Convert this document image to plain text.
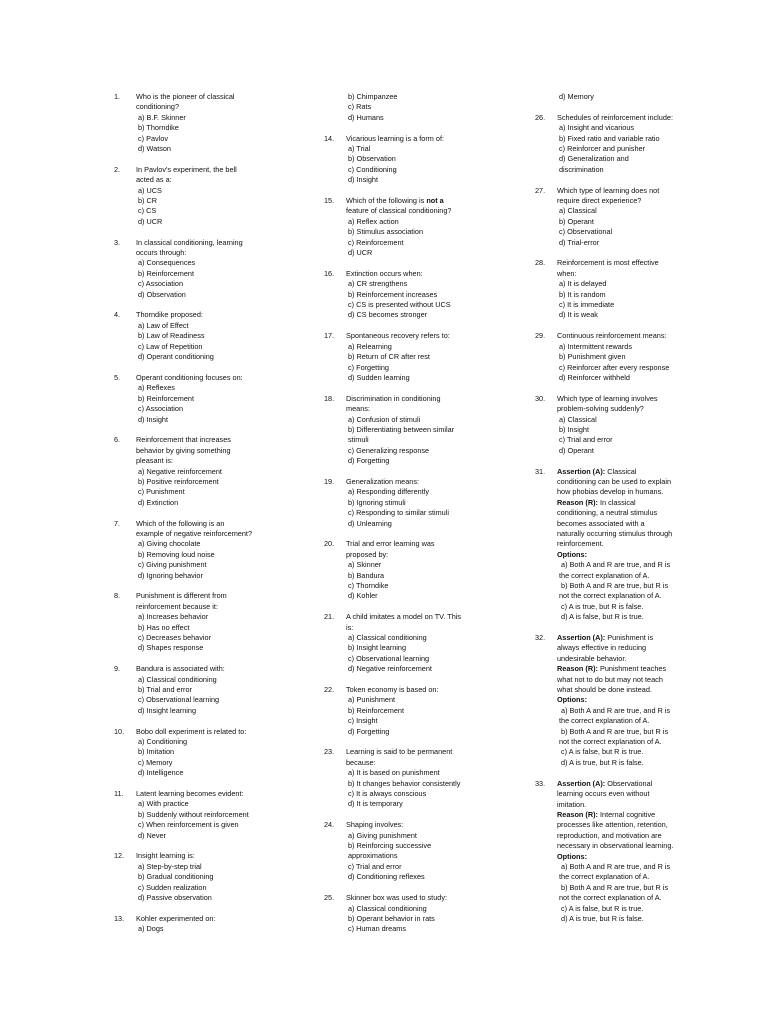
1.	Who is the pioneer of classical
conditioning?
a) B.F. Skinner
b) Thorndike
c) Pavlov
d) Watson
2.	In Pavlov's experiment, the bell
acted as a:
a) UCS
b) CR
c) CS
d) UCR
3.	In classical conditioning, learning
occurs through:
a) Consequences
b) Reinforcement
c) Association
d) Observation
4.	Thorndike proposed:
a) Law of Effect
b) Law of Readiness
c) Law of Repetition
d) Operant conditioning
5.	Operant conditioning focuses on:
a) Reflexes
b) Reinforcement
c) Association
d) Insight
6.	Reinforcement that increases
behavior by giving something
pleasant is:
a) Negative reinforcement
b) Positive reinforcement
c) Punishment
d) Extinction
7.	Which of the following is an
example of negative reinforcement?
a) Giving chocolate
b) Removing loud noise
c) Giving punishment
d) Ignoring behavior
8.	Punishment is different from
reinforcement because it:
a) Increases behavior
b) Has no effect
c) Decreases behavior
d) Shapes response
9.	Bandura is associated with:
a) Classical conditioning
b) Trial and error
c) Observational learning
d) Insight learning
10.	Bobo doll experiment is related to:
a) Conditioning
b) Imitation
c) Memory
d) Intelligence
11.	Latent learning becomes evident:
a) With practice
b) Suddenly without reinforcement
c) When reinforcement is given
d) Never
12.	Insight learning is:
a) Step-by-step trial
b) Gradual conditioning
c) Sudden realization
d) Passive observation
13.	Kohler experimented on:
a) Dogs
b) Chimpanzee
c) Rats
d) Humans
14.	Vicarious learning is a form of:
a) Trial
b) Observation
c) Conditioning
d) Insight
15.	Which of the following is not a
feature of classical conditioning?
a) Reflex action
b) Stimulus association
c) Reinforcement
d) UCR
16.	Extinction occurs when:
a) CR strengthens
b) Reinforcement increases
c) CS is presented without UCS
d) CS becomes stronger
17.	Spontaneous recovery refers to:
a) Relearning
b) Return of CR after rest
c) Forgetting
d) Sudden learning
18.	Discrimination in conditioning
means:
a) Confusion of stimuli
b) Differentiating between similar
stimuli
c) Generalizing response
d) Forgetting
19.	Generalization means:
a) Responding differently
b) Ignoring stimuli
c) Responding to similar stimuli
d) Unlearning
20.	Trial and error learning was
proposed by:
a) Skinner
b) Bandura
c) Thorndike
d) Kohler
21.	A child imitates a model on TV. This
is:
a) Classical conditioning
b) Insight learning
c) Observational learning
d) Negative reinforcement
22.	Token economy is based on:
a) Punishment
b) Reinforcement
c) Insight
d) Forgetting
23.	Learning is said to be permanent
because:
a) It is based on punishment
b) It changes behavior consistently
c) It is always conscious
d) It is temporary
24.	Shaping involves:
a) Giving punishment
b) Reinforcing successive
approximations
c) Trial and error
d) Conditioning reflexes
25.	Skinner box was used to study:
a) Classical conditioning
b) Operant behavior in rats
c) Human dreams
d) Memory
26.	Schedules of reinforcement include:
a) Insight and vicarious
b) Fixed ratio and variable ratio
c) Reinforcer and punisher
d) Generalization and
discrimination
27.	Which type of learning does not
require direct experience?
a) Classical
b) Operant
c) Observational
d) Trial-error
28.	Reinforcement is most effective
when:
a) It is delayed
b) It is random
c) It is immediate
d) It is weak
29.	Continuous reinforcement means:
a) Intermittent rewards
b) Punishment given
c) Reinforcer after every response
d) Reinforcer withheld
30.	Which type of learning involves
problem-solving suddenly?
a) Classical
b) Insight
c) Trial and error
d) Operant
31.	Assertion (A): Classical
conditioning can be used to explain
how phobias develop in humans.
Reason (R): In classical
conditioning, a neutral stimulus
becomes associated with a
naturally occurring stimulus through
reinforcement.
Options:
a) Both A and R are true, and R is
the correct explanation of A.
b) Both A and R are true, but R is
not the correct explanation of A.
c) A is true, but R is false.
d) A is false, but R is true.
32.	Assertion (A): Punishment is
always effective in reducing
undesirable behavior.
Reason (R): Punishment teaches
what not to do but may not teach
what should be done instead.
Options:
a) Both A and R are true, and R is
the correct explanation of A.
b) Both A and R are true, but R is
not the correct explanation of A.
c) A is false, but R is true.
d) A is true, but R is false.
33.	Assertion (A): Observational
learning occurs even without
imitation.
Reason (R): Internal cognitive
processes like attention, retention,
reproduction, and motivation are
necessary in observational learning.
Options:
a) Both A and R are true, and R is
the correct explanation of A.
b) Both A and R are true, but R is
not the correct explanation of A.
c) A is false, but R is true.
d) A is true, but R is false.
